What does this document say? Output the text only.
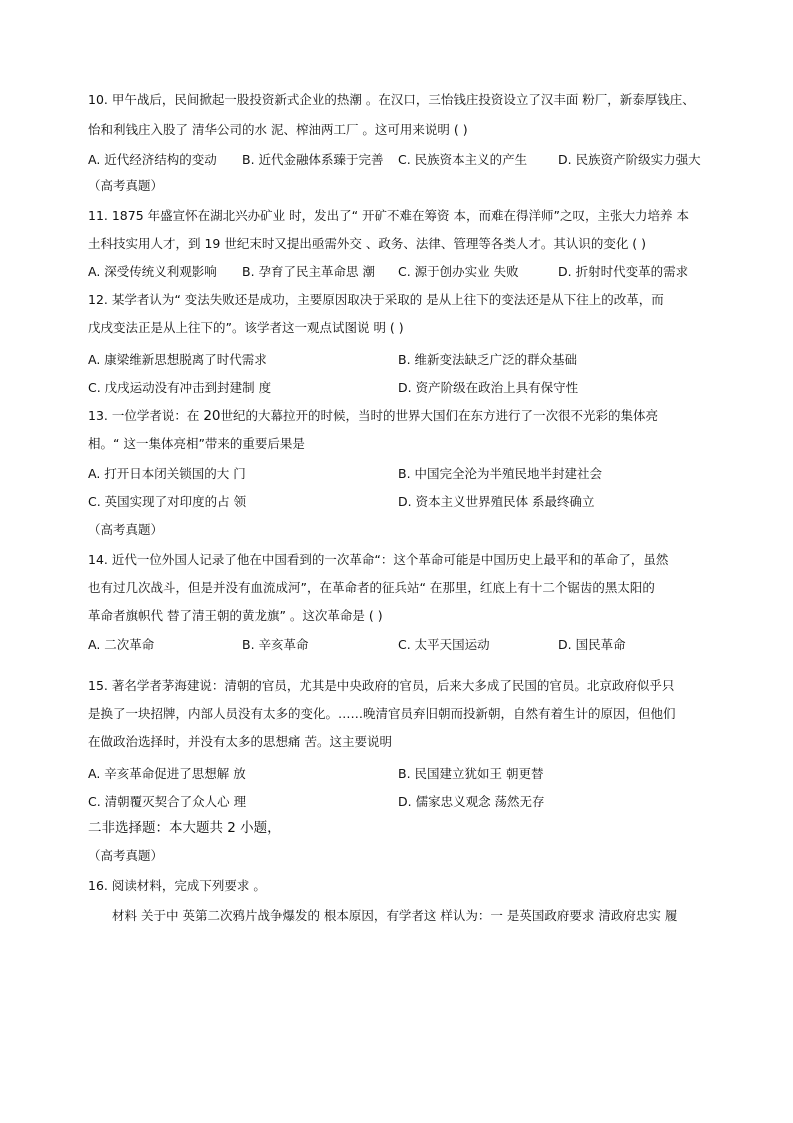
10. 甲午战后，民间掀起一股投资新式企业的热潮 。在汉口，三怡钱庄投资设立了汉丰面 粉厂，新泰厚钱庄、
怡和利钱庄入股了 清华公司的水 泥、榨油两工厂 。这可用来说明 ( )
A. 近代经济结构的变动 B. 近代金融体系臻于完善 C. 民族资本主义的产生 D. 民族资产阶级实力强大
（高考真题）
11. 1875 年盛宣怀在湖北兴办矿业 时，发出了“ 开矿不难在筹资 本，而难在得洋师”之叹，主张大力培养 本
土科技实用人才，到 19 世纪末时又提出亟需外交 、政务、法律、管理等各类人才。其认识的变化 ( )
A. 深受传统义利观影响 B. 孕育了民主革命思 潮 C. 源于创办实业 失败	D. 折射时代变革的需求
12. 某学者认为“ 变法失败还是成功，主要原因取决于采取的 是从上往下的变法还是从下往上的改革，而
戊戌变法正是从上往下的”。该学者这一观点试图说 明 ( )
A. 康梁维新思想脱离了时代需求	B. 维新变法缺乏广泛的群众基础
C. 戊戌运动没有冲击到封建制 度	D. 资产阶级在政治上具有保守性
13. 一位学者说：在 20世纪的大幕拉开的时候，当时的世界大国们在东方进行了一次很不光彩的集体亮
相。“ 这一集体亮相”带来的重要后果是
A. 打开日本闭关锁国的大 门	B. 中国完全沦为半殖民地半封建社会
C. 英国实现了对印度的占 领	D. 资本主义世界殖民体 系最终确立
（高考真题）
14. 近代一位外国人记录了他在中国看到的一次革命“：这个革命可能是中国历史上最平和的革命了，虽然
也有过几次战斗，但是并没有血流成河”，在革命者的征兵站“ 在那里，红底上有十二个锯齿的黑太阳的
革命者旗帜代 替了清王朝的黄龙旗” 。这次革命是 ( )
A. 二次革命	B. 辛亥革命	C. 太平天国运动	D. 国民革命
15. 著名学者茅海建说：清朝的官员，尤其是中央政府的官员，后来大多成了民国的官员。北京政府似乎只
是换了一块招牌，内部人员没有太多的变化。……晚清官员弃旧朝而投新朝，自然有着生计的原因，但他们
在做政治选择时，并没有太多的思想痛 苦。这主要说明
A. 辛亥革命促进了思想解 放	B. 民国建立犹如王 朝更替
C. 清朝覆灭契合了众人心 理	D. 儒家忠义观念 荡然无存
二非选择题：本大题共 2 小题，
（高考真题）
16. 阅读材料，完成下列要求 。
材料 关于中 英第二次鸦片战争爆发的 根本原因，有学者这 样认为：一 是英国政府要求 清政府忠实 履
